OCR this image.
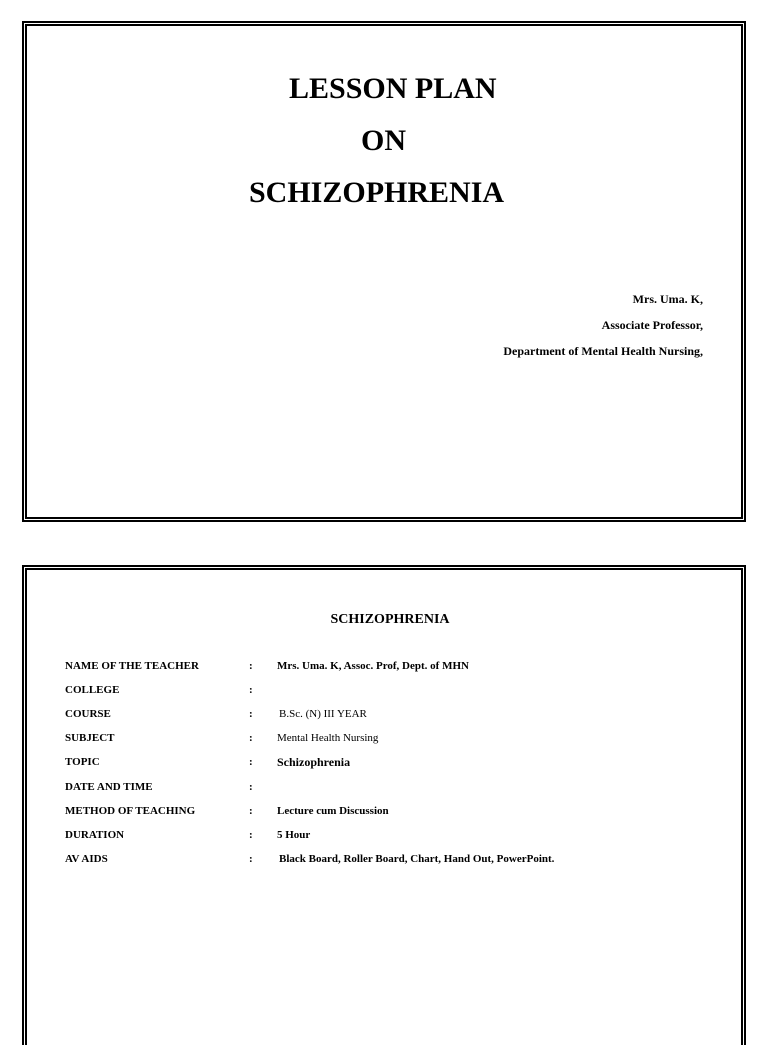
LESSON PLAN
ON
SCHIZOPHRENIA
Mrs. Uma. K,
Associate Professor,
Department of Mental Health Nursing,
SCHIZOPHRENIA
NAME OF THE TEACHER	: Mrs. Uma. K, Assoc. Prof, Dept. of MHN
COLLEGE	:
COURSE	: B.Sc. (N) III YEAR
SUBJECT	: Mental Health Nursing
TOPIC	: Schizophrenia
DATE AND TIME	:
METHOD OF TEACHING	: Lecture cum Discussion
DURATION	: 5 Hour
AV AIDS	: Black Board, Roller Board, Chart, Hand Out, PowerPoint.
